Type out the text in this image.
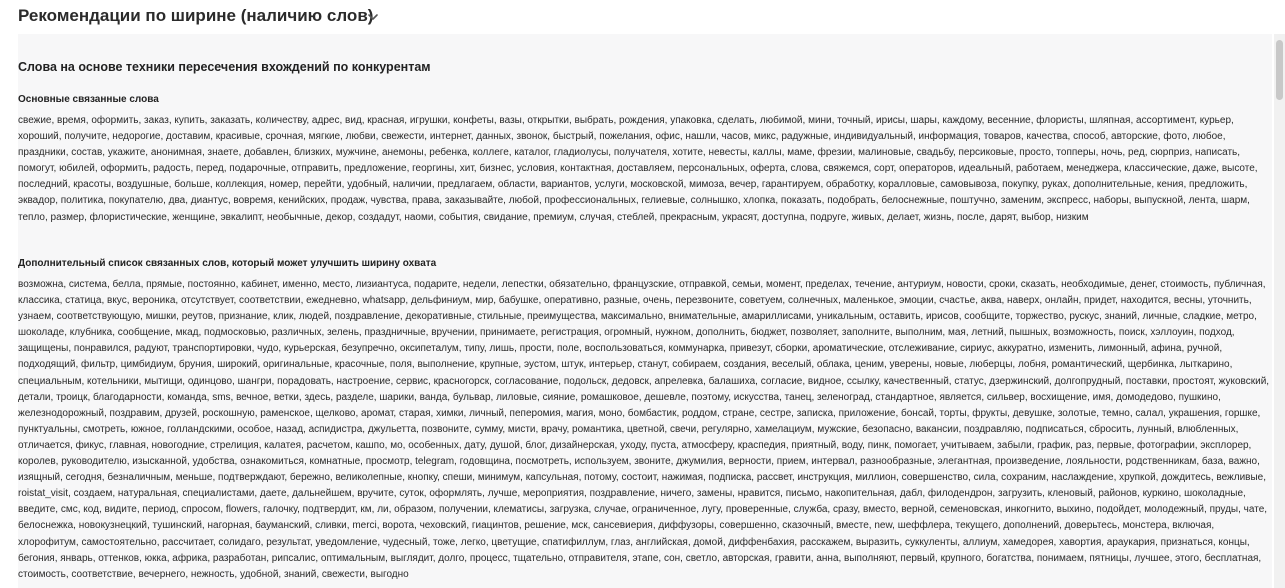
Рекомендации по ширине (наличию слов)
Слова на основе техники пересечения вхождений по конкурентам
Основные связанные слова
свежие, время, оформить, заказ, купить, заказать, количеству, адрес, вид, красная, игрушки, конфеты, вазы, открытки, выбрать, рождения, упаковка, сделать, любимой, мини, точный, ирисы, шары, каждому, весенние, флористы, шляпная, ассортимент, курьер, хороший, получите, недорогие, доставим, красивые, срочная, мягкие, любви, свежести, интернет, данных, звонок, быстрый, пожелания, офис, нашли, часов, микс, радужные, индивидуальный, информация, товаров, качества, способ, авторские, фото, любое, праздники, состав, укажите, анонимная, знаете, добавлен, близких, мужчине, анемоны, ребенка, коллеге, каталог, гладиолусы, получателя, хотите, невесты, каллы, маме, фрезии, малиновые, свадьбу, персиковые, просто, топперы, ночь, ред, сюрприз, написать, помогут, юбилей, оформить, радость, перед, подарочные, отправить, предложение, георгины, хит, бизнес, условия, контактная, доставляем, персональных, оферта, слова, свяжемся, сорт, операторов, идеальный, работаем, менеджера, классические, даже, высоте, последний, красоты, воздушные, больше, коллекция, номер, перейти, удобный, наличии, предлагаем, области, вариантов, услуги, московской, мимоза, вечер, гарантируем, обработку, коралловые, самовывоза, покупку, руках, дополнительные, кения, предложить, эквадор, политика, покупателю, два, диантус, вовремя, кенийских, продаж, чувства, права, заказывайте, любой, профессиональных, гелиевые, солнышко, хлопка, показать, подобрать, белоснежные, поштучно, заменим, экспресс, наборы, выпускной, лента, шарм, тепло, размер, флористические, женщине, эвкалипт, необычные, декор, создадут, наоми, события, свидание, премиум, случая, стеблей, прекрасным, украсят, доступна, подруге, живых, делает, жизнь, после, дарят, выбор, низким
Дополнительный список связанных слов, который может улучшить ширину охвата
возможна, система, белла, прямые, постоянно, кабинет, именно, место, лизиантуса, подарите, недели, лепестки, обязательно, французские, отправкой, семьи, момент, пределах, течение, антуриум, новости, сроки, сказать, необходимые, денег, стоимость, публичная, классика, статица, вкус, вероника, отсутствует, соответствии, ежедневно, whatsapp, дельфиниум, мир, бабушке, оперативно, разные, очень, перезвоните, советуем, солнечных, маленькое, эмоции, счастье, аква, наверх, онлайн, придет, находится, весны, уточнить, узнаем, соответствующую, мишки, реутов, признание, клик, людей, поздравление, декоративные, стильные, преимущества, максимально, внимательные, амариллисами, уникальным, оставить, ирисов, сообщите, торжество, рускус, знаний, личные, сладкие, метро, шоколаде, клубника, сообщение, мкад, подмосковью, различных, зелень, праздничные, вручении, принимаете, регистрация, огромный, нужном, дополнить, бюджет, позволяет, заполните, выполним, мая, летний, пышных, возможность, поиск, хэллоуин, подход, защищены, понравился, радуют, транспортировки, чудо, курьерская, безупречно, оксипеталум, типу, лишь, прости, поле, воспользоваться, коммунарка, привезут, сборки, ароматические, отслеживание, сириус, аккуратно, изменить, лимонный, афина, ручной, подходящий, фильтр, цимбидиум, бруния, широкий, оригинальные, красочные, поля, выполнение, крупные, эустом, штук, интерьер, станут, собираем, создания, веселый, облака, ценим, уверены, новые, люберцы, лобня, романтический, щербинка, лыткарино, специальным, котельники, мытищи, одинцово, шангри, порадовать, настроение, сервис, красногорск, согласование, подольск, дедовск, апрелевка, балашиха, согласие, видное, ссылку, качественный, статус, дзержинский, долгопрудный, поставки, простоят, жуковский, детали, троицк, благодарности, команда, sms, вечное, ветки, здесь, разделе, шарики, ванда, бульвар, лиловые, сияние, ромашковое, дешевле, поэтому, искусства, танец, зеленоград, стандартное, является, сильвер, восхищение, имя, домодедово, пушкино, железнодорожный, поздравим, друзей, роскошную, раменское, щелково, аромат, старая, химки, личный, пеперомия, магия, моно, бомбастик, роддом, стране, сестре, записка, приложение, бонсай, торты, фрукты, девушке, золотые, темно, салал, украшения, горшке, пунктуальны, смотреть, южное, голландскими, особое, назад, аспидистра, джульетта, позвоните, сумму, мисти, врачу, романтика, цветной, свечи, регулярно, хамелациум, мужские, безопасно, вакансии, поздравляю, подписаться, сбросить, лунный, влюбленных, отличается, фикус, главная, новогодние, стрелиция, калатея, расчетом, кашпо, мо, особенных, дату, душой, блог, дизайнерская, уходу, пуста, атмосферу, краспедия, приятный, воду, пинк, помогает, учитываем, забыли, график, раз, первые, фотографии, эксплорер, королев, руководителю, изысканной, удобства, ознакомиться, комнатные, просмотр, telegram, годовщина, посмотреть, используем, звоните, джумилия, верности, прием, интервал, разнообразные, элегантная, произведение, лояльности, родственникам, база, важно, изящный, сегодня, безналичным, меньше, подтверждают, бережно, великолепные, кнопку, спеши, минимум, капсульная, потому, состоит, нажимая, подписка, рассвет, инструкция, миллион, совершенство, сила, сохраним, наслаждение, хрупкой, дождитесь, вежливые, roistat_visit, создаем, натуральная, специалистами, даете, дальнейшем, вручите, суток, оформлять, лучше, мероприятия, поздравление, ничего, замены, нравится, письмо, накопительная, дабл, филодендрон, загрузить, кленовый, районов, куркино, шоколадные, введите, смс, код, видите, период, спросом, flowers, галочку, подтвердит, км, ли, образом, получении, клематисы, загрузка, случае, ограниченное, лугу, проверенные, служба, сразу, вместо, верной, семеновская, инкогнито, выхино, подойдет, молодежный, пруды, чате, белоснежка, новокузнецкий, тушинский, нагорная, бауманский, сливки, merci, ворота, чеховский, гиацинтов, решение, мск, сансевиерия, диффузоры, совершенно, сказочный, вместе, new, шеффлера, текущего, дополнений, доверьтесь, монстера, включая, хлорофитум, самостоятельно, рассчитает, солидаго, результат, уведомление, чудесный, тоже, легко, цветущие, спатифиллум, глаз, английская, домой, диффенбахия, расскажем, выразить, суккуленты, аллиум, хамедорея, хавортия, араукария, признаться, концы, бегония, январь, оттенков, юкка, африка, разработан, рипсалис, оптимальным, выглядит, долго, процесс, тщательно, отправителя, этапе, сон, светло, авторская, гравити, анна, выполняют, первый, крупного, богатства, понимаем, пятницы, лучшее, этого, бесплатная, стоимость, соответствие, вечернего, нежность, удобной, знаний, свежести, выгодно
